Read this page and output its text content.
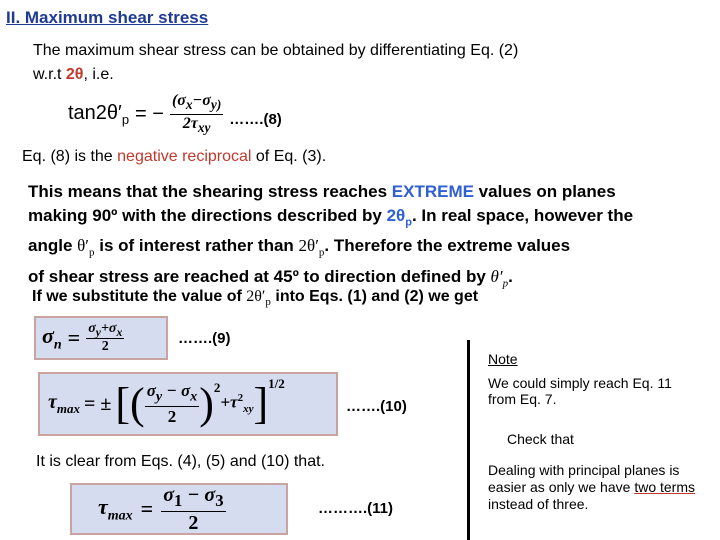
II. Maximum shear stress
The maximum shear stress can be obtained by differentiating Eq. (2)
w.r.t 2θ, i.e.
$\tan 2\theta'_p$ = − $\frac{(\sigma_x-\sigma_{y)}}{2\tau_{xy}}$ …….(8)
Eq. (8) is the negative reciprocal of Eq. (3).
This means that the shearing stress reaches EXTREME values on planes
making 90º with the directions described by $2\theta_p$. In real space, however the
angle $\theta'_p$ is of interest rather than $2\theta'_p$. Therefore the extreme values
of shear stress are reached at 45º to direction defined by $\theta'_p$.
If we substitute the value of $2\theta'_p$ into Eqs. (1) and (2) we get
$\sigma_n = \frac{\sigma_y+\sigma_x}{2}$	…….(9)
$\tau_{max}$ = ± [( $\frac{\sigma_y - \sigma_x}{2} )^2$
$+\tau^2_{xy}$ ]$^{1/2}$
…….(10)
It is clear from Eqs. (4), (5) and (10) that.
$\tau_{max} = \frac{\sigma_1 - \sigma_3}{2}$	……….(11)
Note
We could simply reach Eq. 11 from Eq. 7.
Check that
Dealing with principal planes is easier as only we have two terms instead of three.
